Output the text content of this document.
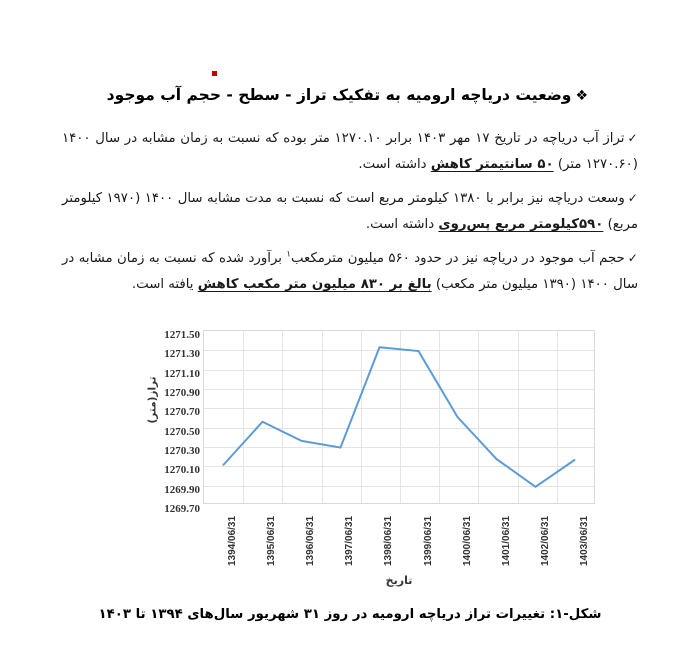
❖وضعیت دریاچه ارومیه به تفکیک تراز - سطح - حجم آب موجود
✓تراز آب دریاچه در تاریخ ۱۷ مهر ۱۴۰۳ برابر ۱۲۷۰.۱۰ متر بوده که نسبت به زمان مشابه در سال ۱۴۰۰ (۱۲۷۰.۶۰ متر) ۵۰ سانتیمتر کاهش داشته است.
✓وسعت دریاچه نیز برابر با ۱۳۸۰ کیلومتر مربع است که نسبت به مدت مشابه سال ۱۴۰۰ (۱۹۷۰ کیلومتر مربع) ۵۹۰کیلومتر مربع پس‌روی داشته است.
✓حجم آب موجود در دریاچه نیز در حدود ۵۶۰ میلیون مترمکعب$^۱$ برآورد شده که نسبت به زمان مشابه در سال ۱۴۰۰ (۱۳۹۰ میلیون متر مکعب) بالغ بر ۸۳۰ میلیون متر مکعب کاهش یافته است.
تراز(متر)
1271.50
1271.30
1271.10
1270.90
1270.70
1270.50
1270.30
1270.10
1269.90
1269.70
1394/06/31	1395/06/31	1396/06/31	1397/06/31	1398/06/31	1399/06/31	1400/06/31	1401/06/31	1402/06/31	1403/06/31
تاریخ
شکل-۱: تغییرات تراز دریاچه ارومیه در روز ۳۱ شهریور سال‌های ۱۳۹۴ تا ۱۴۰۳
